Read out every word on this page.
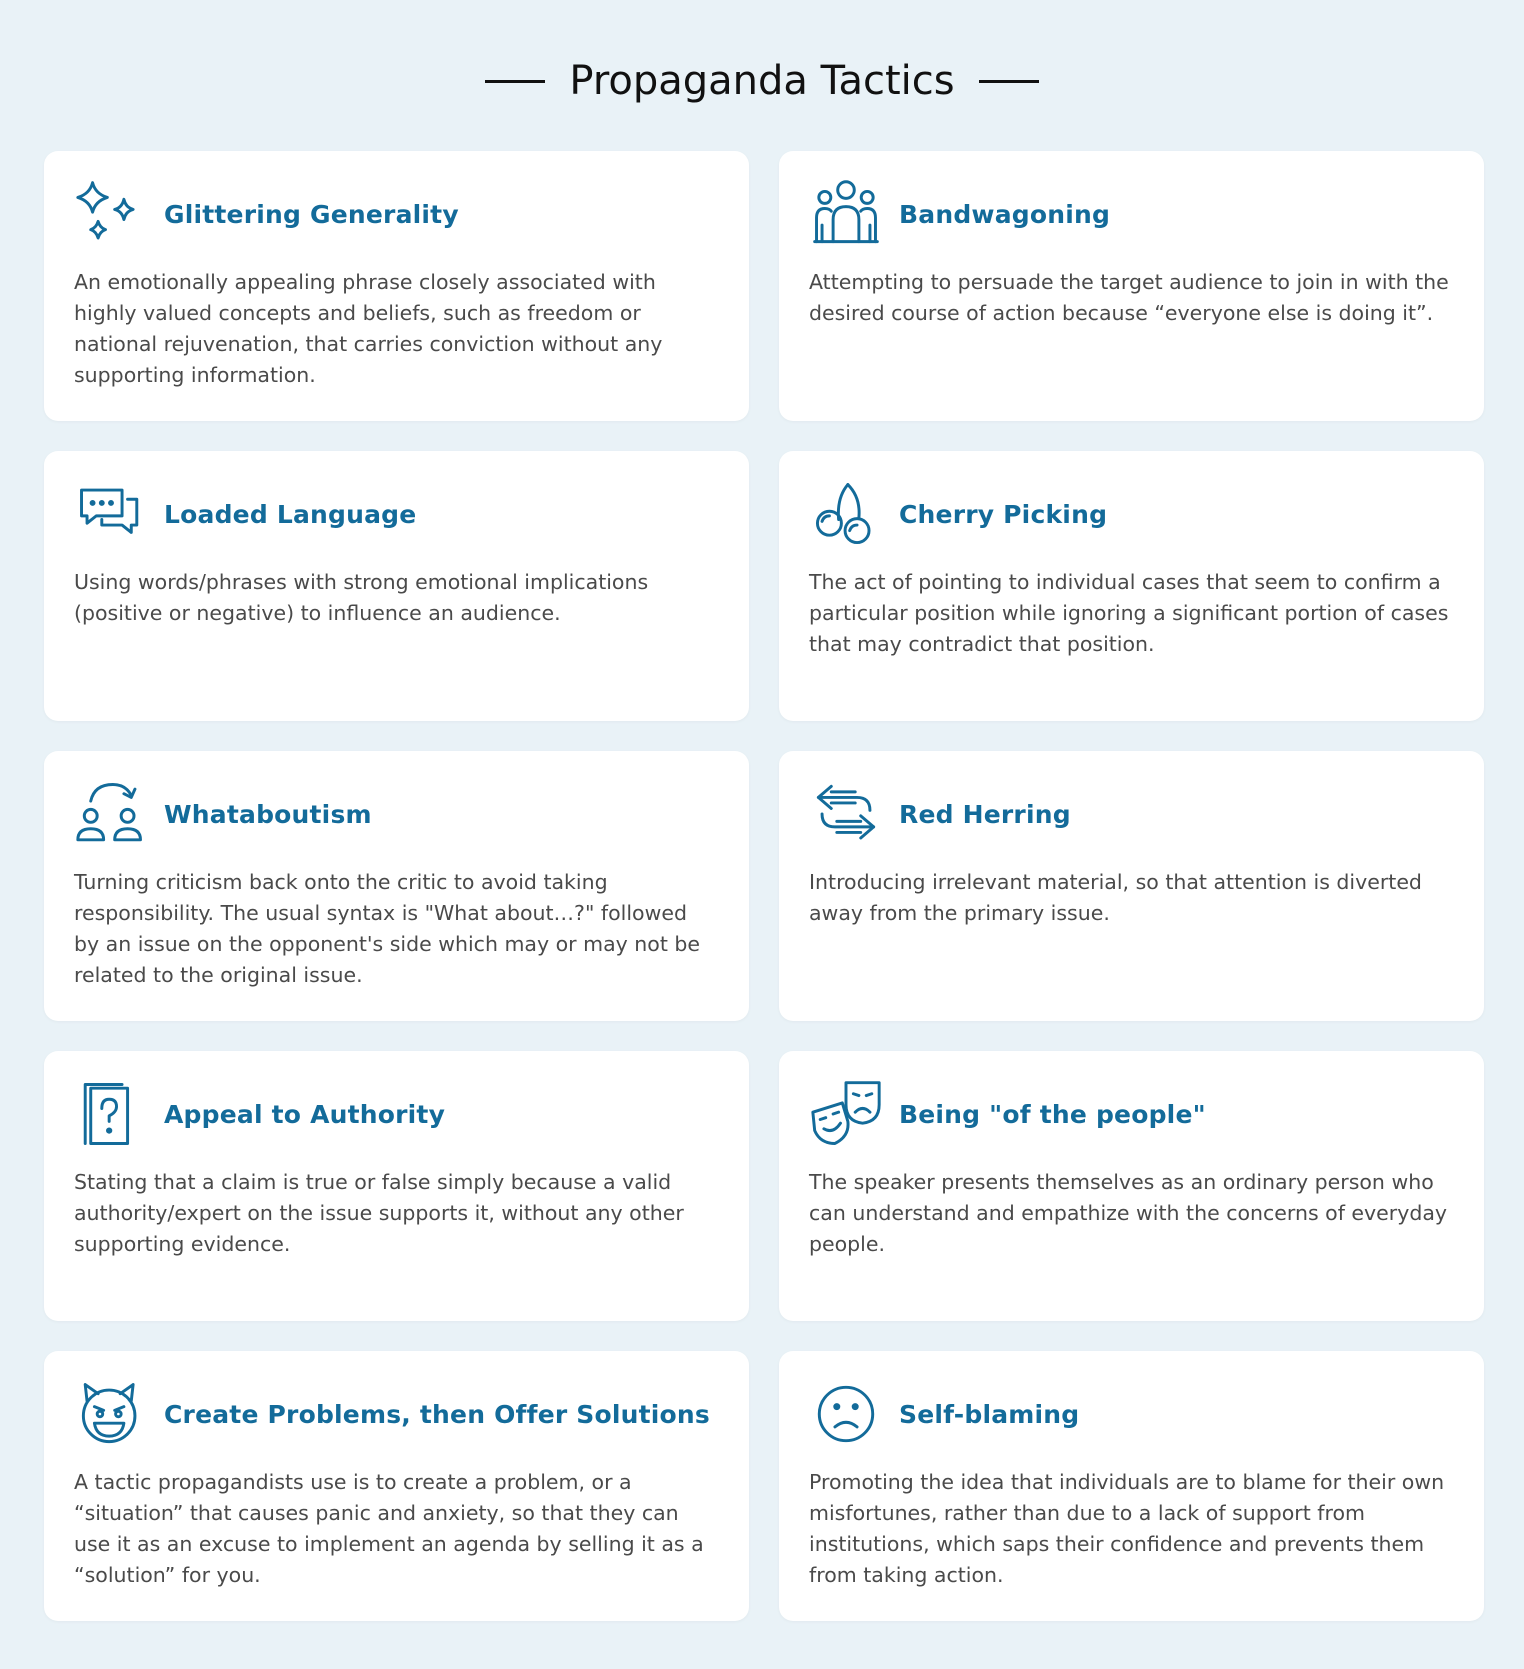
Propaganda Tactics
Glittering Generality
An emotionally appealing phrase closely associated with highly valued concepts and beliefs, such as freedom or national rejuvenation, that carries conviction without any supporting information.
Bandwagoning
Attempting to persuade the target audience to join in with the desired course of action because “everyone else is doing it”.
Loaded Language
Using words/phrases with strong emotional implications (positive or negative) to influence an audience.
Cherry Picking
The act of pointing to individual cases that seem to confirm a particular position while ignoring a significant portion of cases that may contradict that position.
Whataboutism
Turning criticism back onto the critic to avoid taking responsibility. The usual syntax is "What about…?" followed by an issue on the opponent's side which may or may not be related to the original issue.
Red Herring
Introducing irrelevant material, so that attention is diverted away from the primary issue.
Appeal to Authority
Stating that a claim is true or false simply because a valid authority/expert on the issue supports it, without any other supporting evidence.
Being "of the people"
The speaker presents themselves as an ordinary person who can understand and empathize with the concerns of everyday people.
Create Problems, then Offer Solutions
A tactic propagandists use is to create a problem, or a “situation” that causes panic and anxiety, so that they can use it as an excuse to implement an agenda by selling it as a “solution” for you.
Self-blaming
Promoting the idea that individuals are to blame for their own misfortunes, rather than due to a lack of support from institutions, which saps their confidence and prevents them from taking action.
